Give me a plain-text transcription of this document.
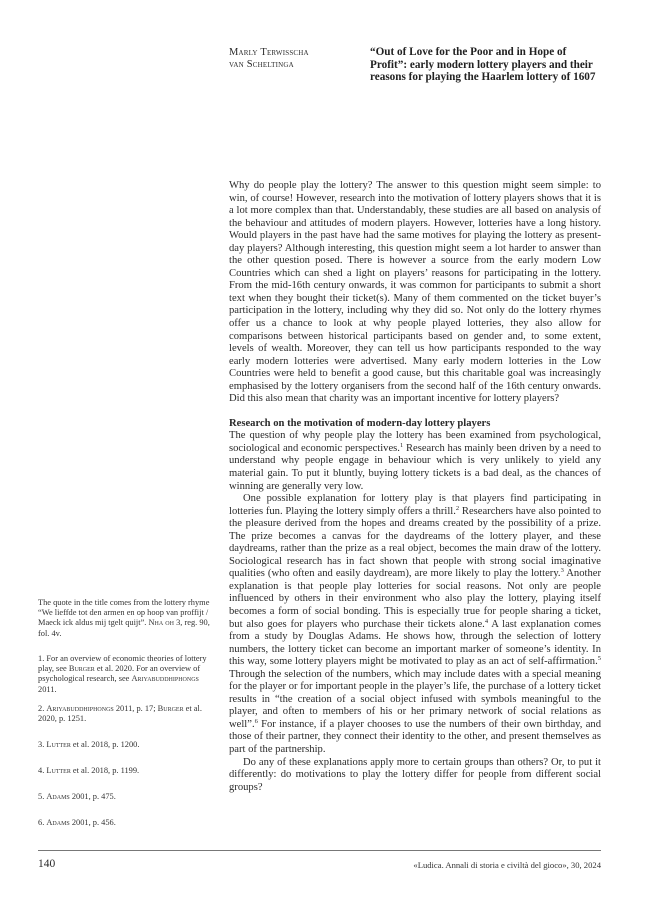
Marly Terwisscha
van Scheltinga
“Out of Love for the Poor and in Hope of Profit”: early modern lottery players and their reasons for playing the Haarlem lottery of 1607

Why do people play the lottery? The answer to this question might seem simple: to win, of course! However, research into the motivation of lottery players shows that it is a lot more complex than that. Understandably, these studies are all based on analysis of the behaviour and attitudes of modern players. However, lotteries have a long history. Would players in the past have had the same motives for playing the lottery as present-day players? Although interesting, this question might seem a lot harder to answer than the other question posed. There is however a source from the early modern Low Countries which can shed a light on players’ reasons for participating in the lottery. From the mid-16th century onwards, it was common for participants to submit a short text when they bought their ticket(s). Many of them commented on the ticket buyer’s participation in the lottery, including why they did so. Not only do the lottery rhymes offer us a chance to look at why people played lotteries, they also allow for comparisons between historical participants based on gender and, to some extent, levels of wealth. Moreover, they can tell us how participants responded to the way early modern lotteries were advertised. Many early modern lotteries in the Low Countries were held to benefit a good cause, but this charitable goal was increasingly emphasised by the lottery organisers from the second half of the 16th century onwards. Did this also mean that charity was an important incentive for lottery players?

Research on the motivation of modern-day lottery players

The question of why people play the lottery has been examined from psychological, sociological and economic perspectives.$^1$ Research has mainly been driven by a need to understand why people engage in behaviour which is very unlikely to yield any material gain. To put it bluntly, buying lottery tickets is a bad deal, as the chances of winning are generally very low.

One possible explanation for lottery play is that players find participating in lotteries fun. Playing the lottery simply offers a thrill.$^2$ Researchers have also pointed to the pleasure derived from the hopes and dreams created by the possibility of a prize. The prize becomes a canvas for the daydreams of the lottery player, and these daydreams, rather than the prize as a real object, becomes the main draw of the lottery. Sociological research has in fact shown that people with strong social imaginative qualities (who often and easily daydream), are more likely to play the lottery.$^3$ Another explanation is that people play lotteries for social reasons. Not only are people influenced by others in their environment who also play the lottery, playing itself becomes a form of social bonding. This is especially true for people sharing a ticket, but also goes for players who purchase their tickets alone.$^4$ A last explanation comes from a study by Douglas Adams. He shows how, through the selection of lottery numbers, the lottery ticket can become an important marker of someone’s identity. In this way, some lottery players might be motivated to play as an act of self-affirmation.$^5$ Through the selection of the numbers, which may include dates with a special meaning for the player or for important people in the player’s life, the purchase of a lottery ticket results in “the creation of a social object infused with symbols meaningful to the player, and often to members of his or her primary network of social relations as well”.$^6$ For instance, if a player chooses to use the numbers of their own birthday, and those of their partner, they connect their identity to the other, and present themselves as part of the partnership.

Do any of these explanations apply more to certain groups than others? Or, to put it differently: do motivations to play the lottery differ for people from different social groups?

The quote in the title comes from the lottery rhyme “We lieffde tot den armen en op hoop van proffijt / Maeck ick aldus mij tgelt quijt”. Nha oh 3, reg. 90, fol. 4v.
1. For an overview of economic theories of lottery play, see Burger et al. 2020. For an overview of psychological research, see Ariyabuddhiphongs 2011.
2. Ariyabuddhiphongs 2011, p. 17; Burger et al. 2020, p. 1251.
3. Lutter et al. 2018, p. 1200.
4. Lutter et al. 2018, p. 1199.
5. Adams 2001, p. 475.
6. Adams 2001, p. 456.
140	«Ludica. Annali di storia e civiltà del gioco», 30, 2024
